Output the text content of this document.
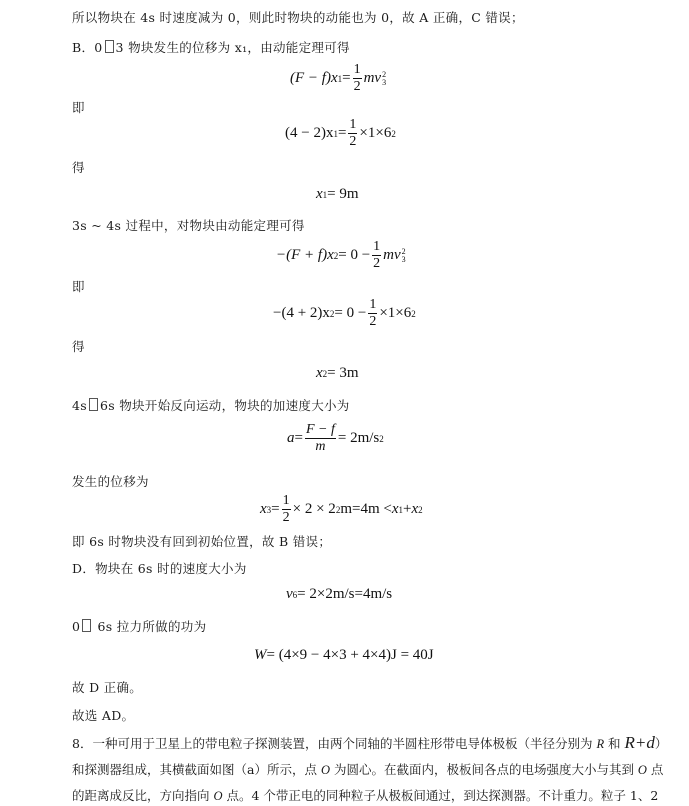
所以物块在 4s 时速度减为 0，则此时物块的动能也为 0，故 A 正确，C 错误；
B．0 3 物块发生的位移为 x₁，由动能定理可得
(F − f)x $1 = \frac{1}{2}$ mv 2
3
即
(4 − 2)x $1 = \frac{1}{2} \times 1\times 6$ 2
得
x 1 = 9m
3s ~ 4s 过程中，对物块由动能定理可得
−(F + f)x $2 = 0 - \frac{1}{2}$ mv 2
3
即
−(4 + 2)x $2 = 0 - \frac{1}{2} \times 1\times 6$ 2
得
x 2 = 3m
4s 6s 物块开始反向运动，物块的加速度大小为
$a = \frac{F - f}{m} = 2m/s$ 2
发生的位移为
x $3 = \frac{1}{2} \times 2 \times 2$ 2 m=4m < x 1 + x 2
即 6s 时物块没有回到初始位置，故 B 错误；
D．物块在 6s 时的速度大小为
v 6 = 2×2m/s=4m/s
0 6s 拉力所做的功为
W = (4×9 − 4×3 + 4×4)J = 40J
故 D 正确。
故选 AD。
8．一种可用于卫星上的带电粒子探测装置，由两个同轴的半圆柱形带电导体极板（半径分别为 R 和 R+d）
和探测器组成，其横截面如图（a）所示，点 O 为圆心。在截面内，极板间各点的电场强度大小与其到 O 点
的距离成反比，方向指向 O 点。4 个带正电的同种粒子从极板间通过，到达探测器。不计重力。粒子 1、2
